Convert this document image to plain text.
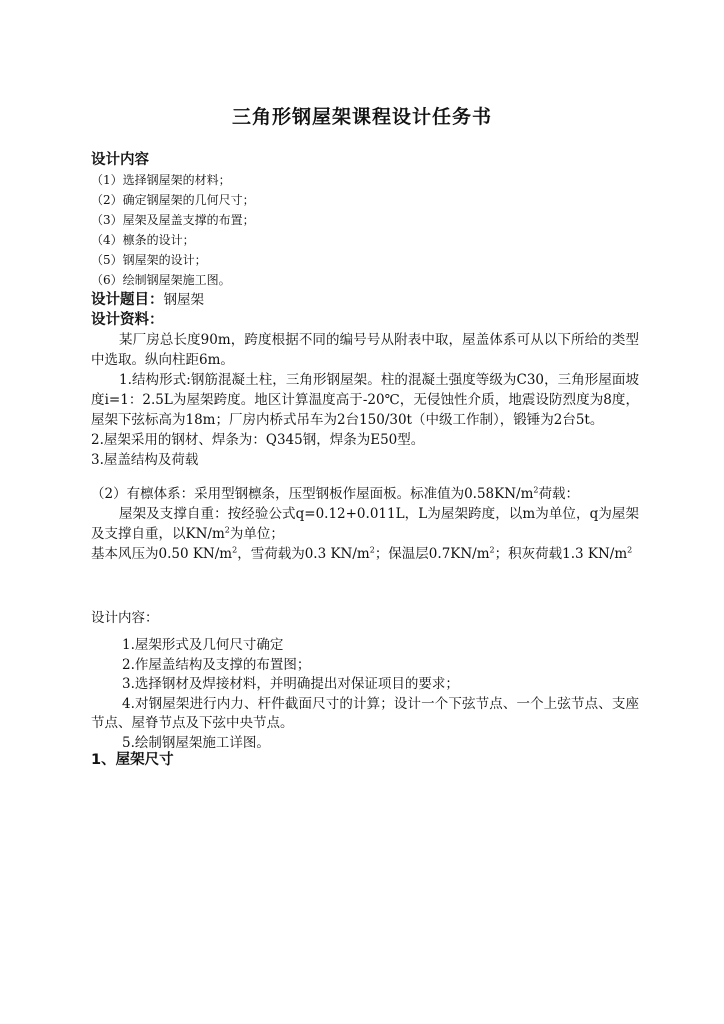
三角形钢屋架课程设计任务书
设计内容
（1）选择钢屋架的材料；
（2）确定钢屋架的几何尺寸；
（3）屋架及屋盖支撑的布置；
（4）檩条的设计；
（5）钢屋架的设计；
（6）绘制钢屋架施工图。
设计题目：钢屋架
设计资料：
某厂房总长度90m，跨度根据不同的编号号从附表中取，屋盖体系可从以下所给的类型中选取。纵向柱距6m。
1.结构形式:钢筋混凝土柱，三角形钢屋架。柱的混凝土强度等级为C30，三角形屋面坡度i=1：2.5L为屋架跨度。地区计算温度高于-20℃，无侵蚀性介质，地震设防烈度为8度，屋架下弦标高为18m；厂房内桥式吊车为2台150/30t（中级工作制），锻锤为2台5t。
2.屋架采用的钢材、焊条为：Q345钢，焊条为E50型。
3.屋盖结构及荷载
（2）有檩体系：采用型钢檩条，压型钢板作屋面板。标准值为$0.58KN/m^2$荷载：
屋架及支撑自重：按经验公式q=0.12+0.011L，L为屋架跨度，以m为单位，q为屋架及支撑自重，以$KN/m^2$为单位；
基本风压为0.50 $KN/m^2$，雪荷载为0.3 $KN/m^2$；保温层$0.7KN/m^2$；积灰荷载1.3 $KN/m^2$
设计内容：
1.屋架形式及几何尺寸确定
2.作屋盖结构及支撑的布置图；
3.选择钢材及焊接材料，并明确提出对保证项目的要求；
4.对钢屋架进行内力、杆件截面尺寸的计算；设计一个下弦节点、一个上弦节点、支座节点、屋脊节点及下弦中央节点。
5.绘制钢屋架施工详图。
1、屋架尺寸
